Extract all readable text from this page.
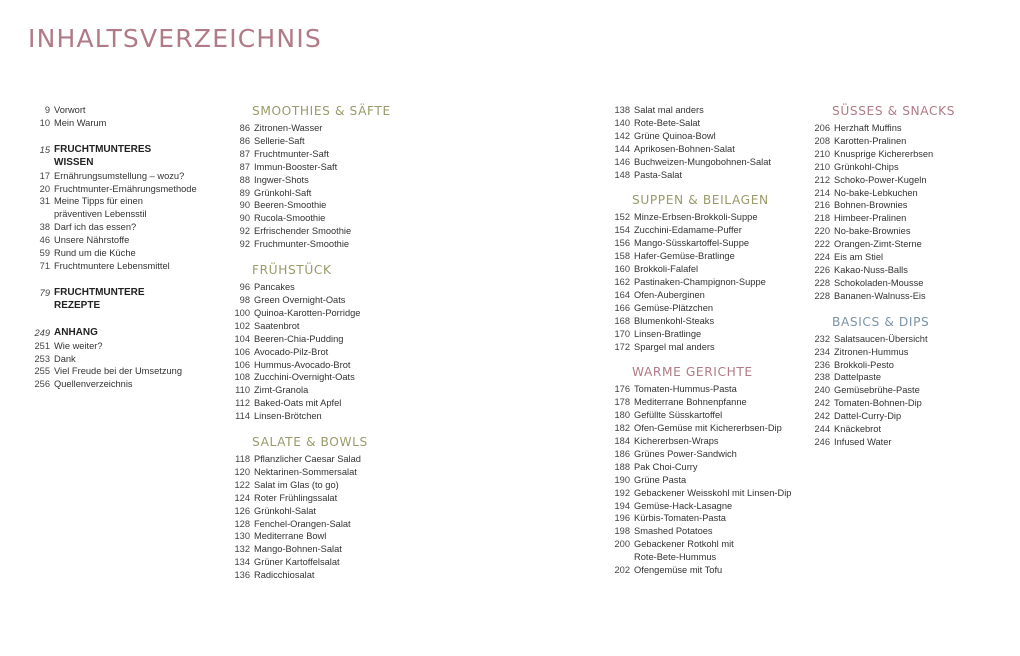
INHALTSVERZEICHNIS
9 Vorwort
10 Mein Warum
15 FRUCHTMUNTERES
WISSEN
17 Ernährungsumstellung – wozu?
20 Fruchtmunter-Ernährungsmethode
31 Meine Tipps für einen
präventiven Lebensstil
38 Darf ich das essen?
46 Unsere Nährstoffe
59 Rund um die Küche
71 Fruchtmuntere Lebensmittel
79 FRUCHTMUNTERE
REZEPTE
249 ANHANG
251 Wie weiter?
253 Dank
255 Viel Freude bei der Umsetzung
256 Quellenverzeichnis
SMOOTHIES & SÄFTE
86 Zitronen-Wasser
86 Sellerie-Saft
87 Fruchtmunter-Saft
87 Immun-Booster-Saft
88 Ingwer-Shots
89 Grünkohl-Saft
90 Beeren-Smoothie
90 Rucola-Smoothie
92 Erfrischender Smoothie
92 Fruchmunter-Smoothie
FRÜHSTÜCK
96 Pancakes
98 Green Overnight-Oats
100 Quinoa-Karotten-Porridge
102 Saatenbrot
104 Beeren-Chia-Pudding
106 Avocado-Pilz-Brot
106 Hummus-Avocado-Brot
108 Zucchini-Overnight-Oats
110 Zimt-Granola
112 Baked-Oats mit Apfel
114 Linsen-Brötchen
SALATE & BOWLS
118 Pflanzlicher Caesar Salad
120 Nektarinen-Sommersalat
122 Salat im Glas (to go)
124 Roter Frühlingssalat
126 Grünkohl-Salat
128 Fenchel-Orangen-Salat
130 Mediterrane Bowl
132 Mango-Bohnen-Salat
134 Grüner Kartoffelsalat
136 Radicchiosalat
138 Salat mal anders
140 Rote-Bete-Salat
142 Grüne Quinoa-Bowl
144 Aprikosen-Bohnen-Salat
146 Buchweizen-Mungobohnen-Salat
148 Pasta-Salat
SUPPEN & BEILAGEN
152 Minze-Erbsen-Brokkoli-Suppe
154 Zucchini-Edamame-Puffer
156 Mango-Süsskartoffel-Suppe
158 Hafer-Gemüse-Bratlinge
160 Brokkoli-Falafel
162 Pastinaken-Champignon-Suppe
164 Ofen-Auberginen
166 Gemüse-Plätzchen
168 Blumenkohl-Steaks
170 Linsen-Bratlinge
172 Spargel mal anders
WARME GERICHTE
176 Tomaten-Hummus-Pasta
178 Mediterrane Bohnenpfanne
180 Gefüllte Süsskartoffel
182 Ofen-Gemüse mit Kichererbsen-Dip
184 Kichererbsen-Wraps
186 Grünes Power-Sandwich
188 Pak Choi-Curry
190 Grüne Pasta
192 Gebackener Weisskohl mit Linsen-Dip
194 Gemüse-Hack-Lasagne
196 Kürbis-Tomaten-Pasta
198 Smashed Potatoes
200 Gebackener Rotkohl mit
Rote-Bete-Hummus
202 Ofengemüse mit Tofu
SÜSSES & SNACKS
206 Herzhaft Muffins
208 Karotten-Pralinen
210 Knusprige Kichererbsen
210 Grünkohl-Chips
212 Schoko-Power-Kugeln
214 No-bake-Lebkuchen
216 Bohnen-Brownies
218 Himbeer-Pralinen
220 No-bake-Brownies
222 Orangen-Zimt-Sterne
224 Eis am Stiel
226 Kakao-Nuss-Balls
228 Schokoladen-Mousse
228 Bananen-Walnuss-Eis
BASICS & DIPS
232 Salatsaucen-Übersicht
234 Zitronen-Hummus
236 Brokkoli-Pesto
238 Dattelpaste
240 Gemüsebrühe-Paste
242 Tomaten-Bohnen-Dip
242 Dattel-Curry-Dip
244 Knäckebrot
246 Infused Water
